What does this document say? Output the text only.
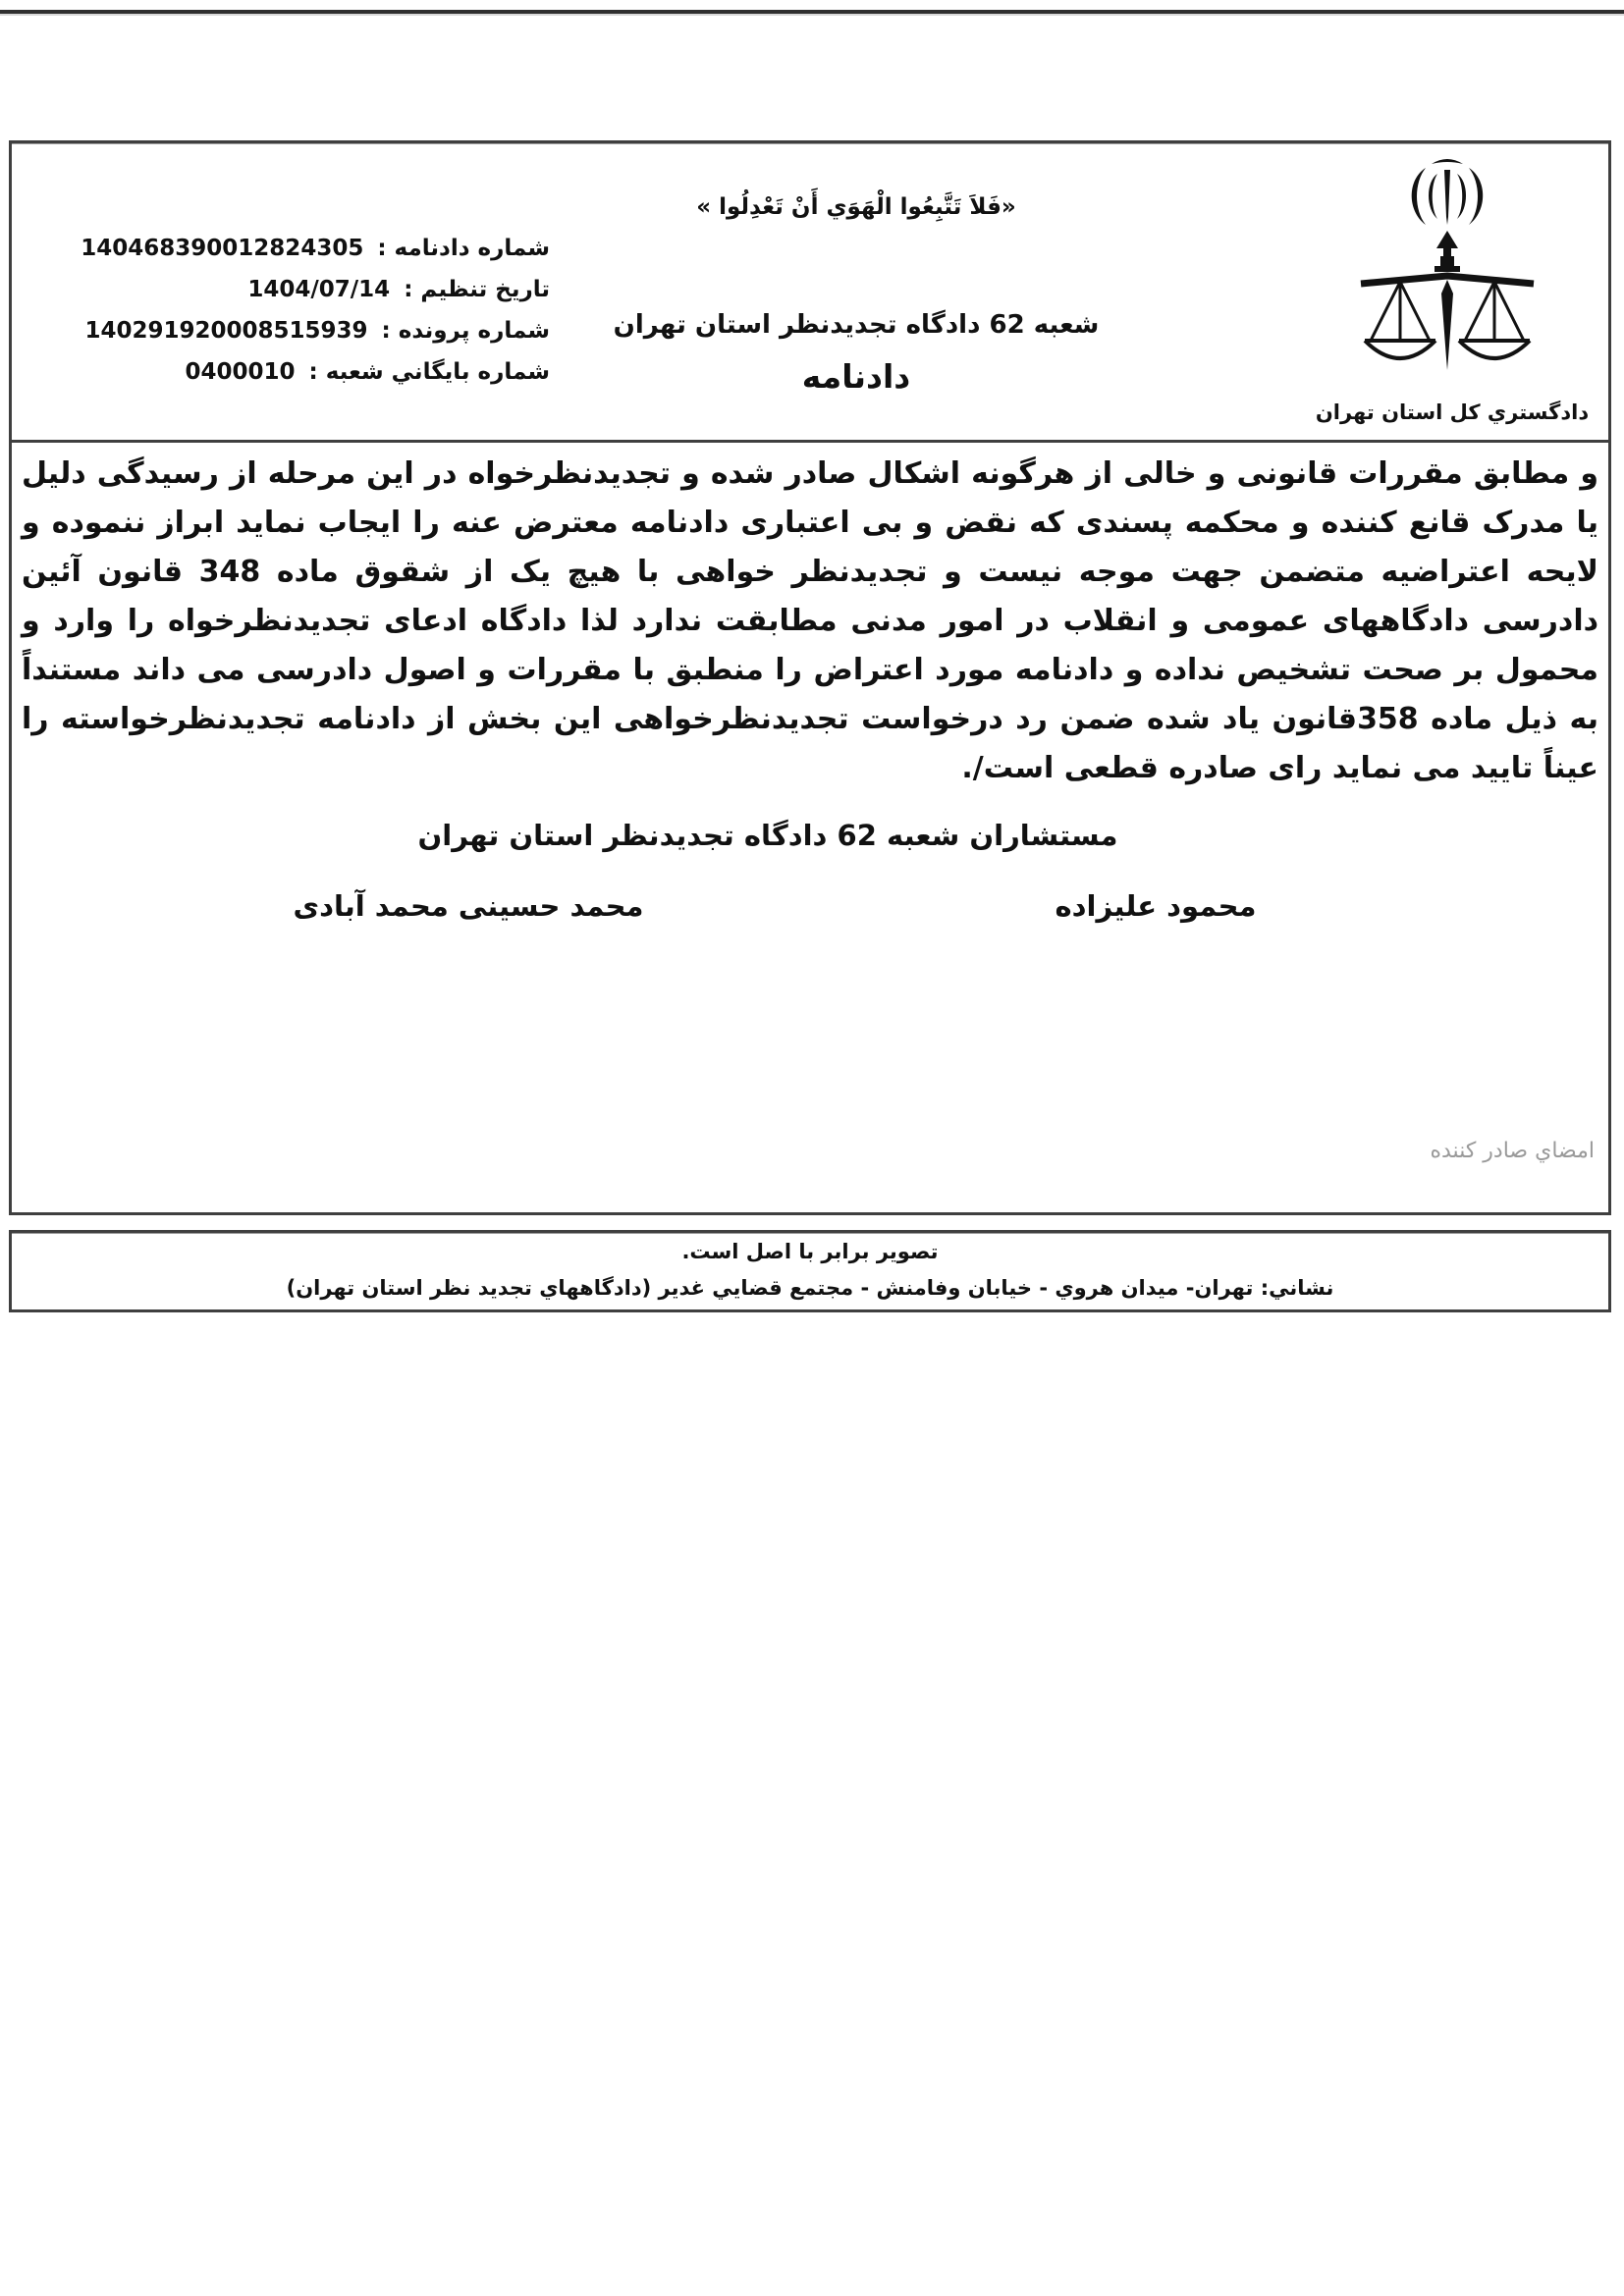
شماره دادنامه : 140468390012824305
تاريخ تنظيم : 1404/07/14
شماره پرونده : 140291920008515939
شماره بايگاني شعبه : 0400010
«فَلاَ تَتَّبِعُوا الْهَوَي أَنْ تَعْدِلُوا »
شعبه 62 دادگاه تجدیدنظر استان تهران
دادنامه
دادگستري كل استان تهران
و مطابق مقررات قانونی و خالی از هرگونه اشکال صادر شده و تجدیدنظرخواه در این مرحله از رسیدگی دلیل یا مدرک قانع کننده و محکمه پسندی که نقض و بی اعتباری دادنامه معترض عنه را ایجاب نماید ابراز ننموده و لایحه اعتراضیه متضمن جهت موجه نیست و تجدیدنظر خواهی با هیچ یک از شقوق ماده 348 قانون آئین دادرسی دادگاههای عمومی و انقلاب در امور مدنی مطابقت ندارد لذا دادگاه ادعای تجدیدنظرخواه را وارد و محمول بر صحت تشخیص نداده و دادنامه مورد اعتراض را منطبق با مقررات و اصول دادرسی می داند مستنداً به ذیل ماده 358قانون یاد شده ضمن رد درخواست تجدیدنظرخواهی این بخش از دادنامه تجدیدنظرخواسته را عیناً تایید می نماید رای صادره قطعی است/.
مستشاران شعبه 62 دادگاه تجدیدنظر استان تهران
محمود علیزاده
محمد حسینی محمد آبادی
امضاي صادر كننده
تصوير برابر با اصل است.
نشاني: تهران- ميدان هروي - خيابان وفامنش - مجتمع قضايي غدير (دادگاههاي تجديد نظر استان تهران)
